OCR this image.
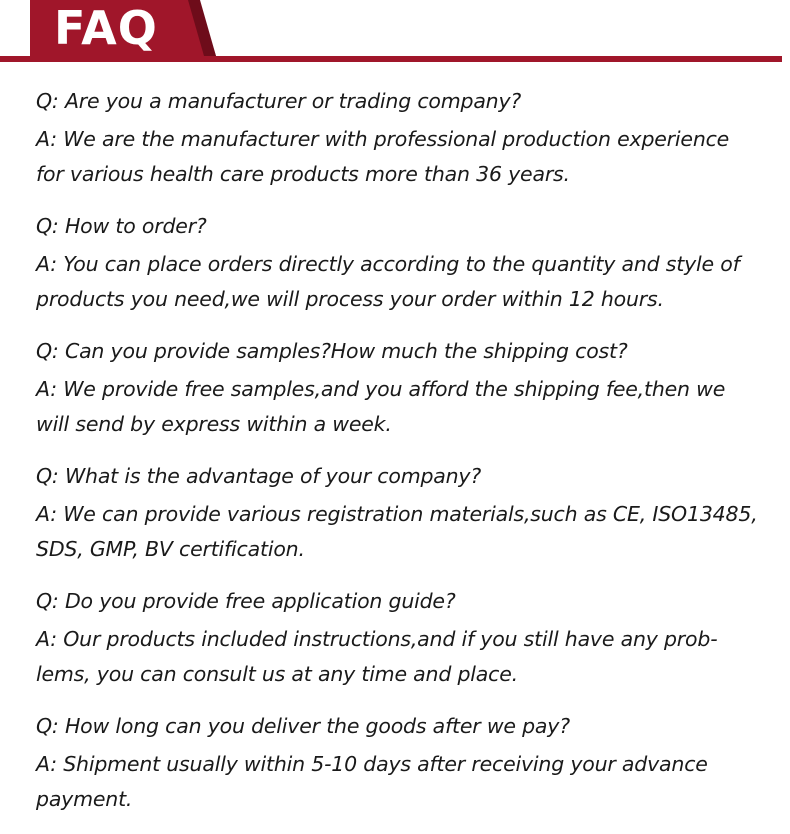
FAQ
Q: Are you a manufacturer or trading company?
A: We are the manufacturer with professional production experience
for various health care products more than 36 years.
Q: How to order?
A: You can place orders directly according to the quantity and style of
products you need,we will process your order within 12 hours.
Q: Can you provide samples?How much the shipping cost?
A: We provide free samples,and you afford the shipping fee,then we
will send by express within a week.
Q: What is the advantage of your company?
A: We can provide various registration materials,such as CE, ISO13485,
SDS, GMP, BV certification.
Q: Do you provide free application guide?
A: Our products included instructions,and if you still have any prob-
lems, you can consult us at any time and place.
Q: How long can you deliver the goods after we pay?
A: Shipment usually within 5-10 days after receiving your advance
payment.
